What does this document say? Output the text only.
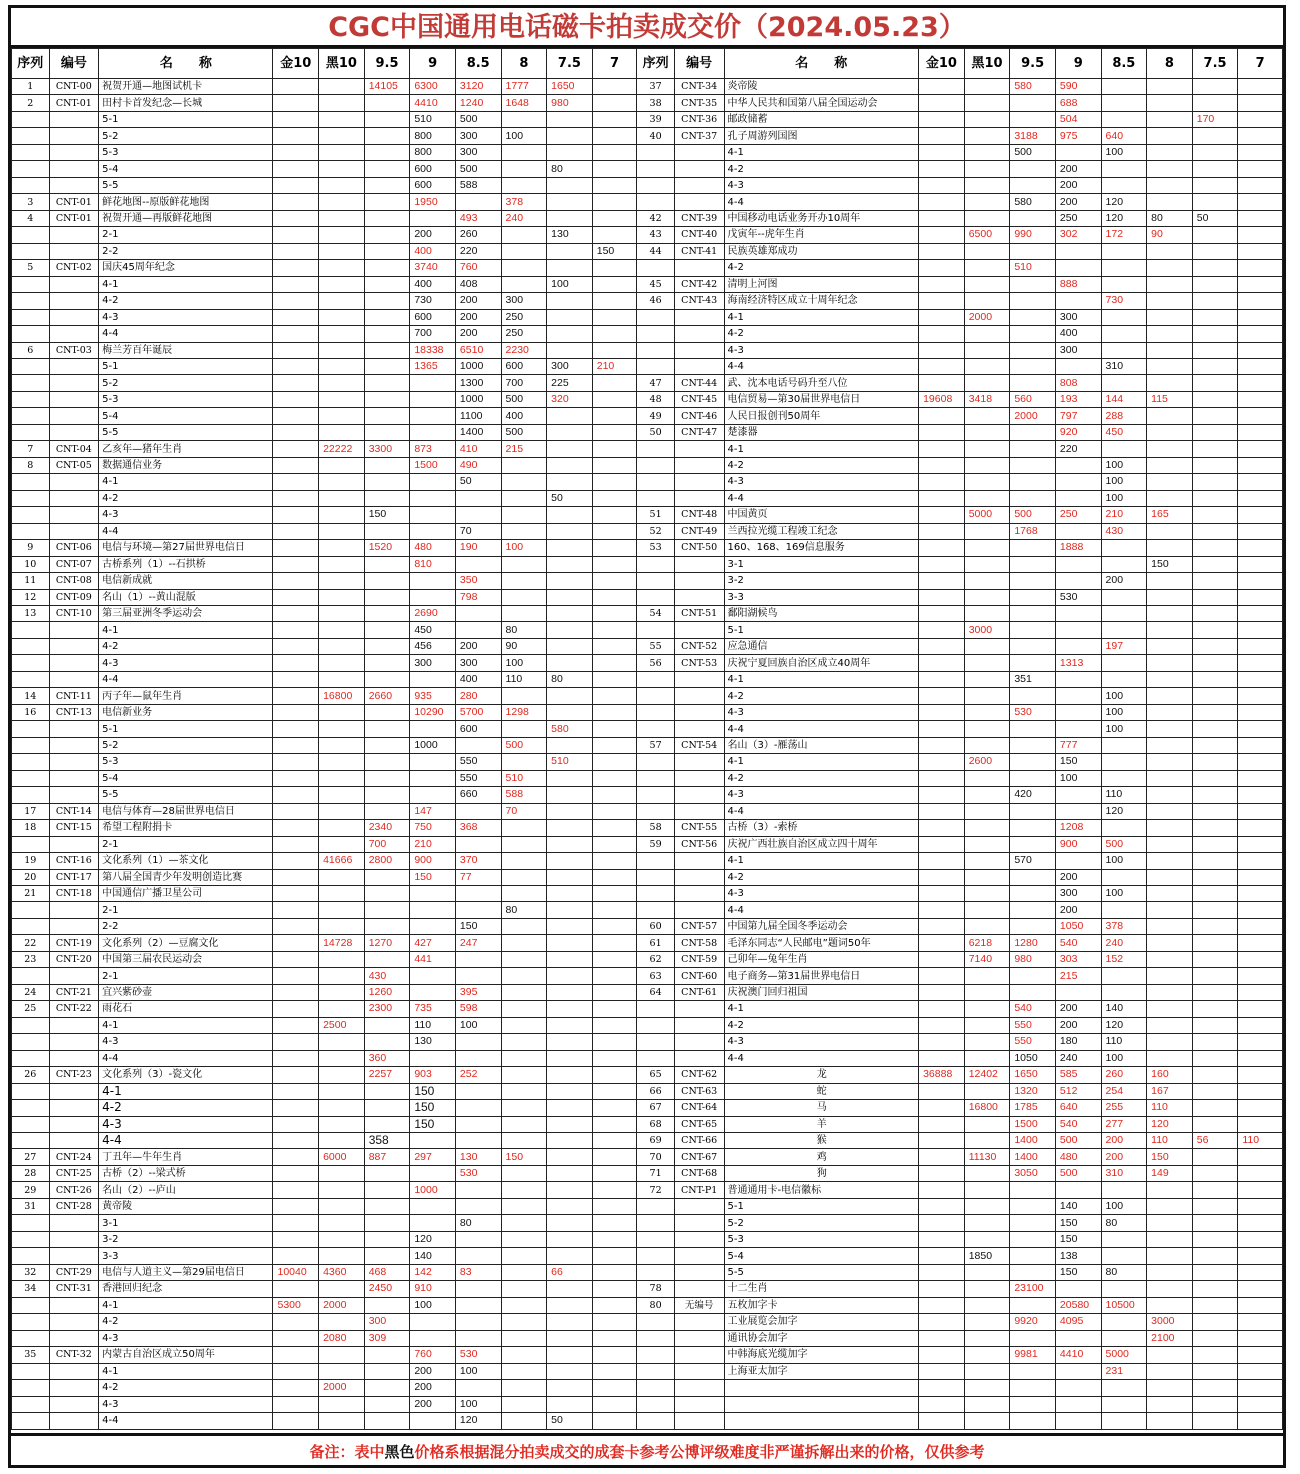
CGC中国通用电话磁卡拍卖成交价（2024.05.23）
序列	编号	名　　称	金10	黑10	9.5	9	8.5	8	7.5	7	序列	编号	名　　称	金10	黑10	9.5	9	8.5	8	7.5	7
1	CNT-00	祝贺开通—地图试机卡			14105	6300	3120	1777	1650		37	CNT-34	炎帝陵			580	590				
2	CNT-01	田村卡首发纪念—长城				4410	1240	1648	980		38	CNT-35	中华人民共和国第八届全国运动会				688				
		5-1				510	500				39	CNT-36	邮政储蓄				504			170	
		5-2				800	300	100			40	CNT-37	孔子周游列国图			3188	975	640			
		5-3				800	300						4-1			500		100			
		5-4				600	500		80				4-2				200				
		5-5				600	588						4-3				200				
3	CNT-01	鲜花地图--原版鲜花地图				1950		378					4-4			580	200	120			
4	CNT-01	祝贺开通—再版鲜花地图					493	240			42	CNT-39	中国移动电话业务开办10周年				250	120	80	50	
		2-1				200	260		130		43	CNT-40	戊寅年--虎年生肖		6500	990	302	172	90		
		2-2				400	220			150	44	CNT-41	民族英雄郑成功								
5	CNT-02	国庆45周年纪念				3740	760						4-2			510					
		4-1				400	408		100		45	CNT-42	清明上河图				888				
		4-2				730	200	300			46	CNT-43	海南经济特区成立十周年纪念					730			
		4-3				600	200	250					4-1		2000		300				
		4-4				700	200	250					4-2				400				
6	CNT-03	梅兰芳百年诞辰				18338	6510	2230					4-3				300				
		5-1				1365	1000	600	300	210			4-4					310			
		5-2					1300	700	225		47	CNT-44	武、沈本电话号码升至八位				808				
		5-3					1000	500	320		48	CNT-45	电信贸易—第30届世界电信日	19608	3418	560	193	144	115		
		5-4					1100	400			49	CNT-46	人民日报创刊50周年			2000	797	288			
		5-5					1400	500			50	CNT-47	楚漆器				920	450			
7	CNT-04	乙亥年—猪年生肖		22222	3300	873	410	215					4-1				220				
8	CNT-05	数据通信业务				1500	490						4-2					100			
		4-1					50						4-3					100			
		4-2							50				4-4					100			
		4-3			150						51	CNT-48	中国黄页		5000	500	250	210	165		
		4-4					70				52	CNT-49	兰西拉光缆工程竣工纪念			1768		430			
9	CNT-06	电信与环境—第27届世界电信日			1520	480	190	100			53	CNT-50	160、168、169信息服务				1888				
10	CNT-07	古桥系列（1）--石拱桥				810							3-1						150		
11	CNT-08	电信新成就					350						3-2					200			
12	CNT-09	名山（1）--黄山混版					798						3-3				530				
13	CNT-10	第三届亚洲冬季运动会				2690					54	CNT-51	鄱阳湖候鸟								
		4-1				450		80					5-1		3000						
		4-2				456	200	90			55	CNT-52	应急通信					197			
		4-3				300	300	100			56	CNT-53	庆祝宁夏回族自治区成立40周年				1313				
		4-4					400	110	80				4-1			351					
14	CNT-11	丙子年—鼠年生肖		16800	2660	935	280						4-2					100			
16	CNT-13	电信新业务				10290	5700	1298					4-3			530		100			
		5-1					600		580				4-4					100			
		5-2				1000		500			57	CNT-54	名山（3）-雁荡山				777				
		5-3					550		510				4-1		2600		150				
		5-4					550	510					4-2				100				
		5-5					660	588					4-3			420		110			
17	CNT-14	电信与体育—28届世界电信日				147		70					4-4					120			
18	CNT-15	希望工程附捐卡			2340	750	368				58	CNT-55	古桥（3）-索桥				1208				
		2-1			700	210					59	CNT-56	庆祝广西壮族自治区成立四十周年				900	500			
19	CNT-16	文化系列（1）—茶文化		41666	2800	900	370						4-1			570		100			
20	CNT-17	第八届全国青少年发明创造比赛				150	77						4-2				200				
21	CNT-18	中国通信广播卫星公司											4-3				300	100			
		2-1						80					4-4				200				
		2-2					150				60	CNT-57	中国第九届全国冬季运动会				1050	378			
22	CNT-19	文化系列（2）—豆腐文化		14728	1270	427	247				61	CNT-58	毛泽东同志“人民邮电”题词50年		6218	1280	540	240			
23	CNT-20	中国第三届农民运动会				441					62	CNT-59	己卯年—兔年生肖		7140	980	303	152			
		2-1			430						63	CNT-60	电子商务—第31届世界电信日				215				
24	CNT-21	宜兴紫砂壶			1260		395				64	CNT-61	庆祝澳门回归祖国								
25	CNT-22	雨花石			2300	735	598						4-1			540	200	140			
		4-1		2500		110	100						4-2			550	200	120			
		4-3				130							4-3			550	180	110			
		4-4			360								4-4			1050	240	100			
26	CNT-23	文化系列（3）-瓷文化			2257	903	252				65	CNT-62	龙	36888	12402	1650	585	260	160		
		4-1				150					66	CNT-63	蛇			1320	512	254	167		
		4-2				150					67	CNT-64	马		16800	1785	640	255	110		
		4-3				150					68	CNT-65	羊			1500	540	277	120		
		4-4			358						69	CNT-66	猴			1400	500	200	110	56	110
27	CNT-24	丁丑年—牛年生肖		6000	887	297	130	150			70	CNT-67	鸡		11130	1400	480	200	150		
28	CNT-25	古桥（2）--梁式桥					530				71	CNT-68	狗			3050	500	310	149		
29	CNT-26	名山（2）--庐山				1000					72	CNT-P1	普通通用卡-电信徽标								
31	CNT-28	黄帝陵											5-1				140	100			
		3-1					80						5-2				150	80			
		3-2				120							5-3				150				
		3-3				140							5-4		1850		138				
32	CNT-29	电信与人道主义—第29届电信日	10040	4360	468	142	83		66				5-5				150	80			
34	CNT-31	香港回归纪念			2450	910					78		十二生肖			23100					
		4-1	5300	2000		100					80	无编号	五枚加字卡				20580	10500			
		4-2			300								工业展览会加字			9920	4095		3000		
		4-3		2080	309								通讯协会加字						2100		
35	CNT-32	内蒙古自治区成立50周年				760	530						中韩海底光缆加字			9981	4410	5000			
		4-1				200	100						上海亚太加字					231			
		4-2		2000		200															
		4-3				200	100														
		4-4					120		50												
备注：表中黑色价格系根据混分拍卖成交的成套卡参考公博评级难度非严谨拆解出来的价格，仅供参考
